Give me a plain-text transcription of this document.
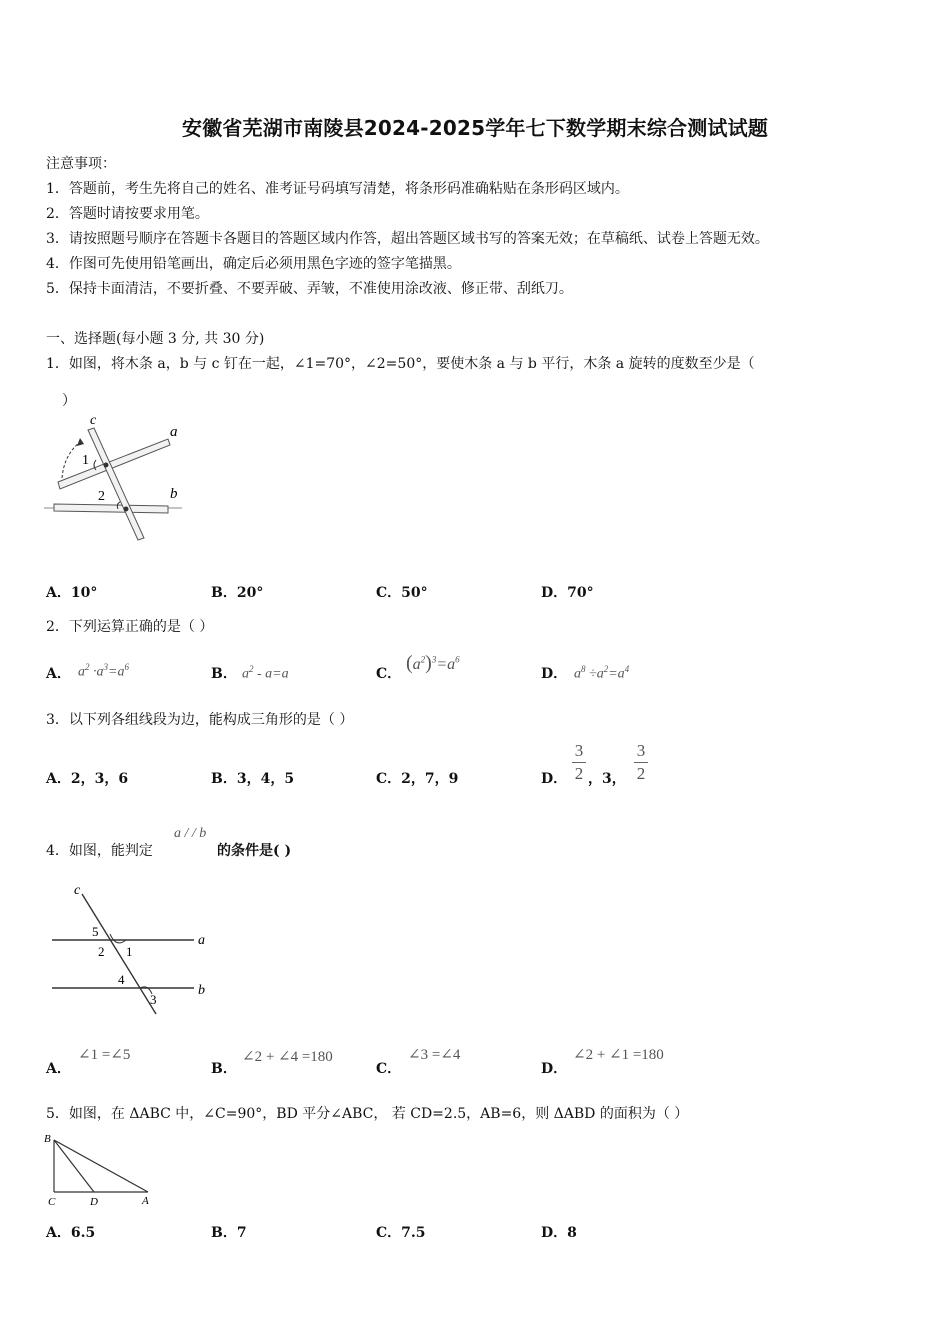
安徽省芜湖市南陵县2024-2025学年七下数学期末综合测试试题
注意事项：
1．答题前，考生先将自己的姓名、准考证号码填写清楚，将条形码准确粘贴在条形码区域内。
2．答题时请按要求用笔。
3．请按照题号顺序在答题卡各题目的答题区域内作答，超出答题区域书写的答案无效；在草稿纸、试卷上答题无效。
4．作图可先使用铅笔画出，确定后必须用黑色字迹的签字笔描黑。
5．保持卡面清洁，不要折叠、不要弄破、弄皱，不准使用涂改液、修正带、刮纸刀。
一、选择题(每小题 3 分, 共 30 分)
1．如图，将木条 a，b 与 c 钉在一起，∠1=70°，∠2=50°，要使木条 a 与 b 平行，木条 a 旋转的度数至少是（
）
c
a
b
1
2
A．10°	B．20°	C．50°	D．70°
2．下列运算正确的是（ ）
A． $a^2 \cdot a^3=a^6$	B． $a^2 - a=a$	C． $(a^2)^3=a^6$
D． $a^8 \div a^2=a^4$
3．以下列各组线段为边，能构成三角形的是（ ）
A．2，3，6	B．3，4，5	C．2，7，9	D．
3
2 ，3，
3
2
4．如图，能判定
a / / b
的条件是( )
c
a
b
5
2 1
4
3
A．
∠1 =∠5
B．
∠2 + ∠4 =180
C．
∠3 =∠4
D．
∠2 + ∠1 =180
5．如图，在 ΔABC 中，∠C=90°，BD 平分∠ABC， 若 CD=2.5，AB=6，则 ΔABD 的面积为（ ）
B
C	D	A
A．6.5	B．7	C．7.5	D．8
